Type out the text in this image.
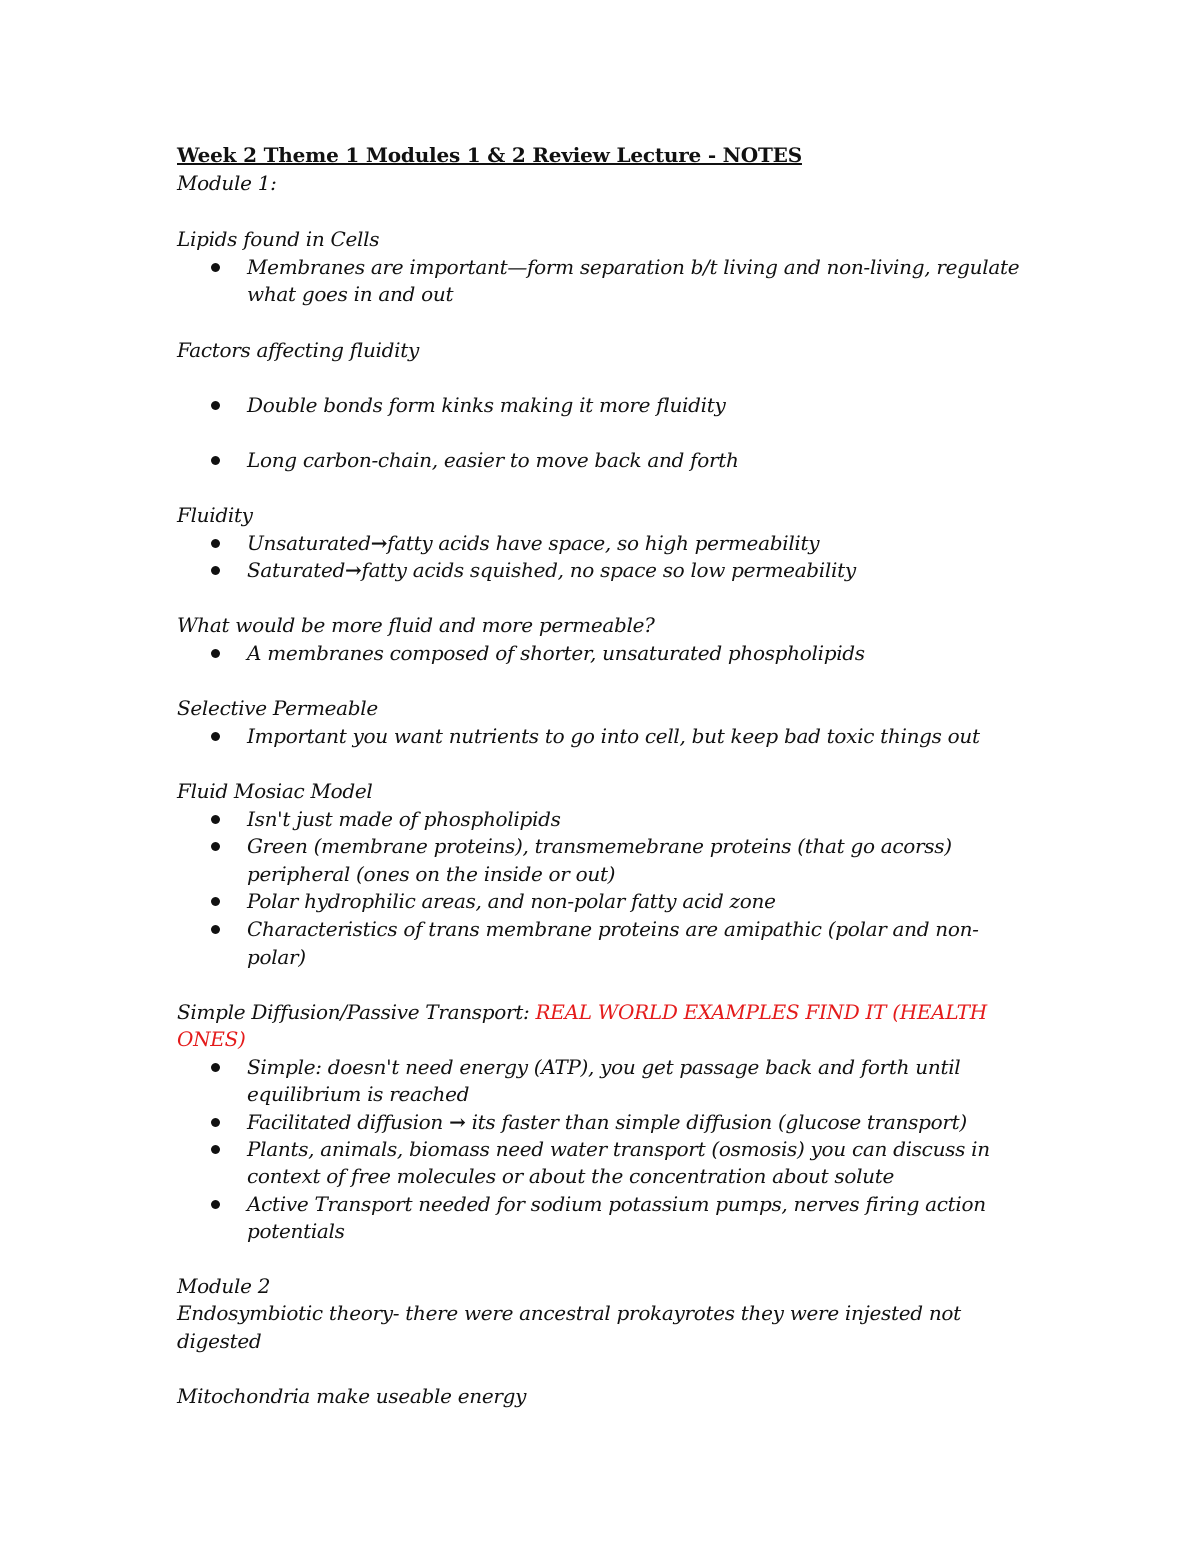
Week 2 Theme 1 Modules 1 & 2 Review Lecture - NOTES
Module 1:
Lipids found in Cells
Membranes are important—form separation b/t living and non-living, regulate
what goes in and out
Factors affecting fluidity
Double bonds form kinks making it more fluidity
Long carbon-chain, easier to move back and forth
Fluidity
Unsaturated→fatty acids have space, so high permeability
Saturated→fatty acids squished, no space so low permeability
What would be more fluid and more permeable?
A membranes composed of shorter, unsaturated phospholipids
Selective Permeable
Important you want nutrients to go into cell, but keep bad toxic things out
Fluid Mosiac Model
Isn't just made of phospholipids
Green (membrane proteins), transmemebrane proteins (that go acorss)
peripheral (ones on the inside or out)
Polar hydrophilic areas, and non-polar fatty acid zone
Characteristics of trans membrane proteins are amipathic (polar and non-
polar)
Simple Diffusion/Passive Transport: REAL WORLD EXAMPLES FIND IT (HEALTH
ONES)
Simple: doesn't need energy (ATP), you get passage back and forth until
equilibrium is reached
Facilitated diffusion → its faster than simple diffusion (glucose transport)
Plants, animals, biomass need water transport (osmosis) you can discuss in
context of free molecules or about the concentration about solute
Active Transport needed for sodium potassium pumps, nerves firing action
potentials
Module 2
Endosymbiotic theory- there were ancestral prokayrotes they were injested not
digested
Mitochondria make useable energy
